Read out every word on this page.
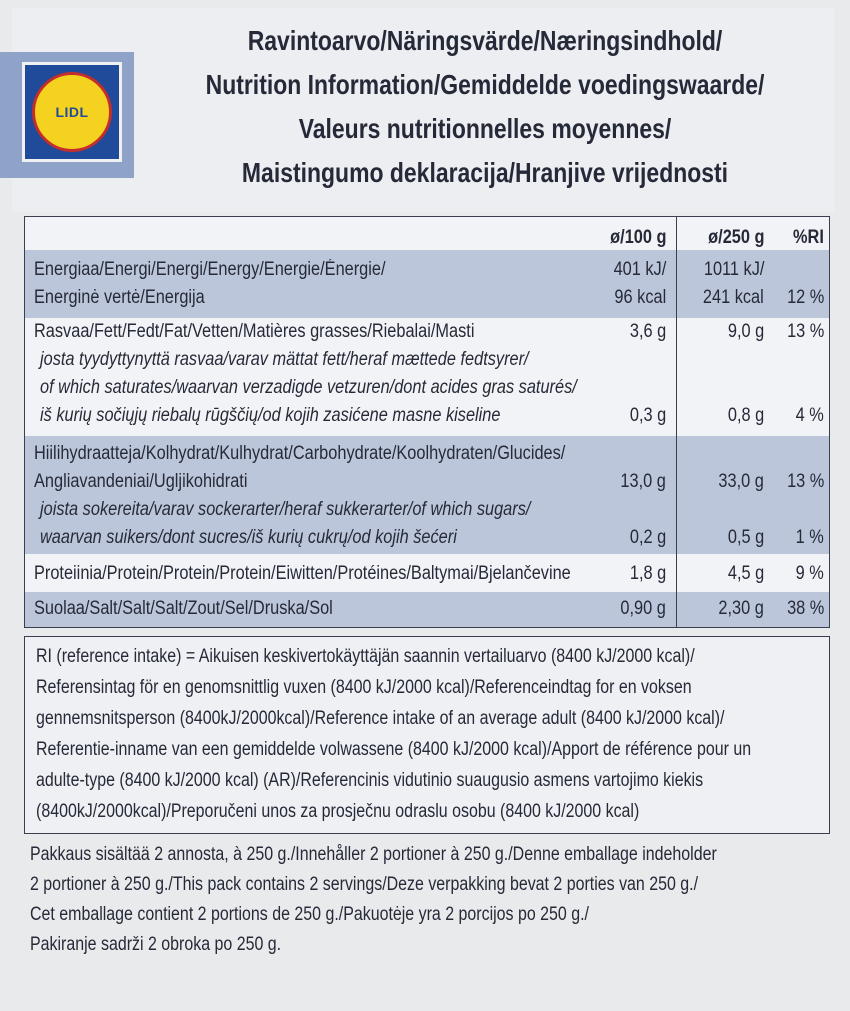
LIDL
Ravintoarvo/Näringsvärde/Næringsindhold/
Nutrition Information/Gemiddelde voedingswaarde/
Valeurs nutritionnelles moyennes/
Maistingumo deklaracija/Hranjive vrijednosti
ø/100 g ø/250 g %RI
Energiaa/Energi/Energi/Energy/Energie/Énergie/	401 kJ/ 1011 kJ/
Energinė vertė/Energija	96 kcal 241 kcal 12 %
Rasvaa/Fett/Fedt/Fat/Vetten/Matières grasses/Riebalai/Masti	3,6 g	9,0 g 13 %
josta tyydyttynyttä rasvaa/varav mättat fett/heraf mættede fedtsyrer/
of which saturates/waarvan verzadigde vetzuren/dont acides gras saturés/
iš kurių sočiųjų riebalų rūgščių/od kojih zasićene masne kiseline	0,3 g	0,8 g 4 %
Hiilihydraatteja/Kolhydrat/Kulhydrat/Carbohydrate/Koolhydraten/Glucides/
Angliavandeniai/Ugljikohidrati	13,0 g	33,0 g 13 %
joista sokereita/varav sockerarter/heraf sukkerarter/of which sugars/
waarvan suikers/dont sucres/iš kurių cukrų/od kojih šećeri	0,2 g	0,5 g 1 %
Proteiinia/Protein/Protein/Protein/Eiwitten/Protéines/Baltymai/Bjelančevine	1,8 g	4,5 g 9 %
Suolaa/Salt/Salt/Salt/Zout/Sel/Druska/Sol	0,90 g	2,30 g 38 %
RI (reference intake) = Aikuisen keskivertokäyttäjän saannin vertailuarvo (8400 kJ/2000 kcal)/
Referensintag för en genomsnittlig vuxen (8400 kJ/2000 kcal)/Referenceindtag for en voksen
gennemsnitsperson (8400kJ/2000kcal)/Reference intake of an average adult (8400 kJ/2000 kcal)/
Referentie-inname van een gemiddelde volwassene (8400 kJ/2000 kcal)/Apport de référence pour un
adulte-type (8400 kJ/2000 kcal) (AR)/Referencinis vidutinio suaugusio asmens vartojimo kiekis
(8400kJ/2000kcal)/Preporučeni unos za prosječnu odraslu osobu (8400 kJ/2000 kcal)
Pakkaus sisältää 2 annosta, à 250 g./Innehåller 2 portioner à 250 g./Denne emballage indeholder
2 portioner à 250 g./This pack contains 2 servings/Deze verpakking bevat 2 porties van 250 g./
Cet emballage contient 2 portions de 250 g./Pakuotėje yra 2 porcijos po 250 g./
Pakiranje sadrži 2 obroka po 250 g.
